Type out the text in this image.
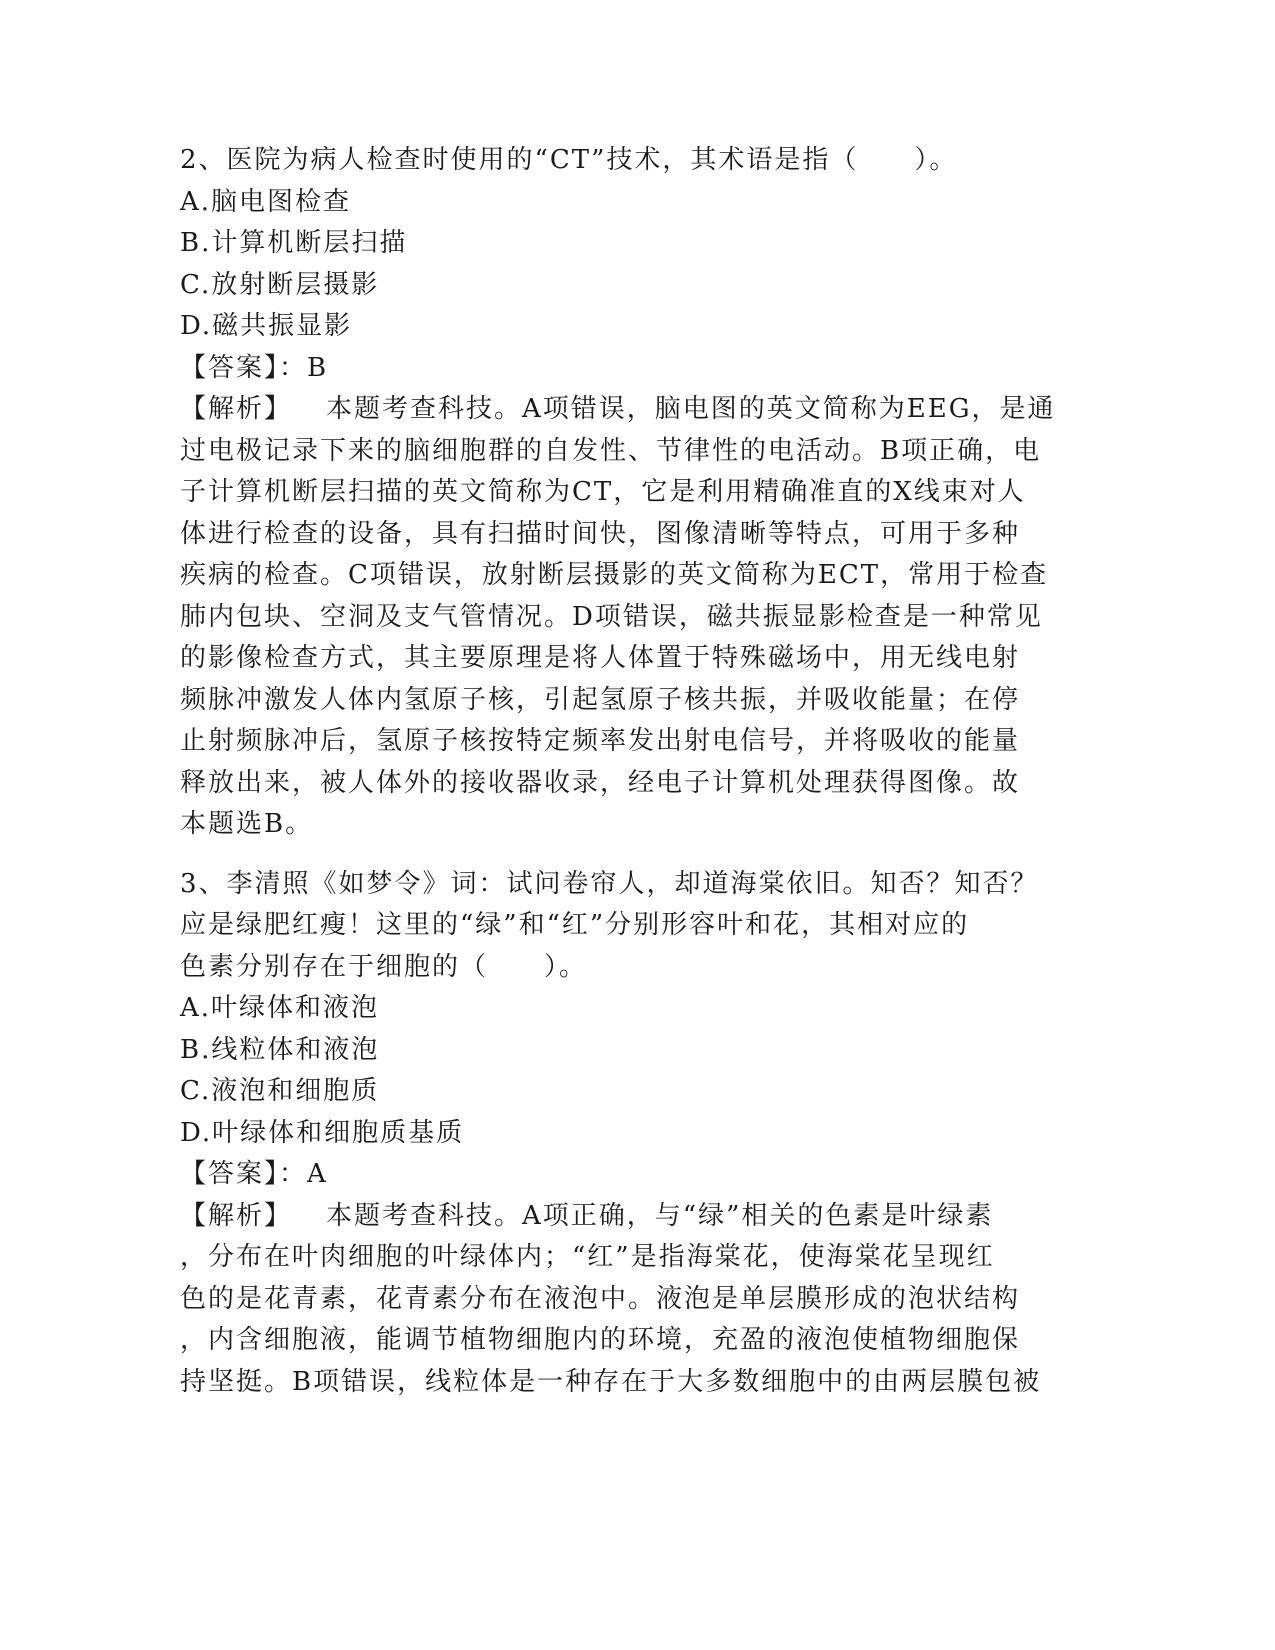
2、医院为病人检查时使用的“CT”技术，其术语是指（　　）。
A.脑电图检查
B.计算机断层扫描
C.放射断层摄影
D.磁共振显影
【答案】：B
【解析】 本题考查科技。A项错误，脑电图的英文简称为EEG，是通
过电极记录下来的脑细胞群的自发性、节律性的电活动。B项正确，电
子计算机断层扫描的英文简称为CT，它是利用精确准直的X线束对人
体进行检查的设备，具有扫描时间快，图像清晰等特点，可用于多种
疾病的检查。C项错误，放射断层摄影的英文简称为ECT，常用于检查
肺内包块、空洞及支气管情况。D项错误，磁共振显影检查是一种常见
的影像检查方式，其主要原理是将人体置于特殊磁场中，用无线电射
频脉冲激发人体内氢原子核，引起氢原子核共振，并吸收能量；在停
止射频脉冲后，氢原子核按特定频率发出射电信号，并将吸收的能量
释放出来，被人体外的接收器收录，经电子计算机处理获得图像。故
本题选B。
3、李清照《如梦令》词：试问卷帘人，却道海棠依旧。知否？知否？
应是绿肥红瘦！这里的“绿”和“红”分别形容叶和花，其相对应的
色素分别存在于细胞的（　　）。
A.叶绿体和液泡
B.线粒体和液泡
C.液泡和细胞质
D.叶绿体和细胞质基质
【答案】：A
【解析】 本题考查科技。A项正确，与“绿”相关的色素是叶绿素
，分布在叶肉细胞的叶绿体内；“红”是指海棠花，使海棠花呈现红
色的是花青素，花青素分布在液泡中。液泡是单层膜形成的泡状结构
，内含细胞液，能调节植物细胞内的环境，充盈的液泡使植物细胞保
持坚挺。B项错误，线粒体是一种存在于大多数细胞中的由两层膜包被
